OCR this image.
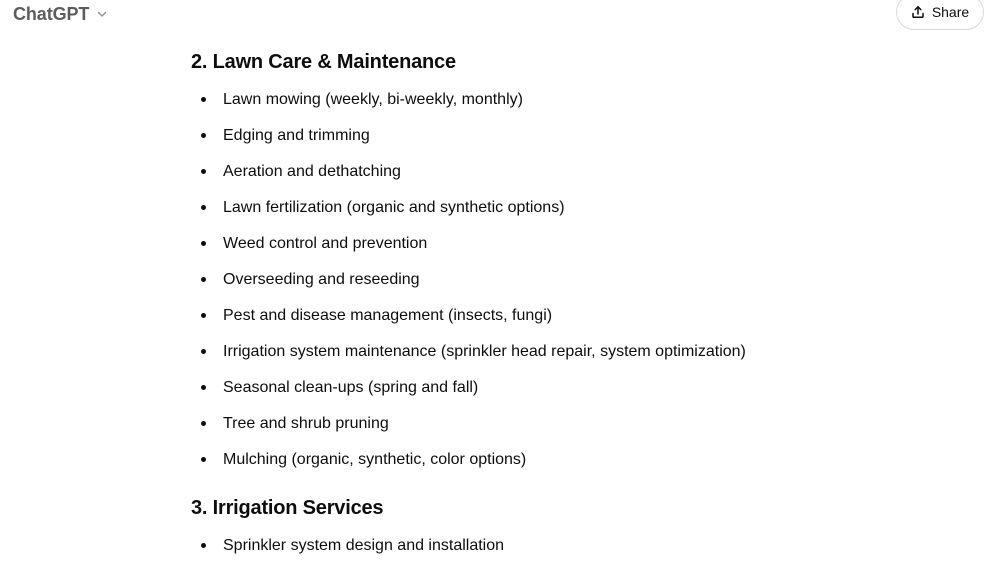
ChatGPT	Share
2. Lawn Care & Maintenance
Lawn mowing (weekly, bi-weekly, monthly)
Edging and trimming
Aeration and dethatching
Lawn fertilization (organic and synthetic options)
Weed control and prevention
Overseeding and reseeding
Pest and disease management (insects, fungi)
Irrigation system maintenance (sprinkler head repair, system optimization)
Seasonal clean-ups (spring and fall)
Tree and shrub pruning
Mulching (organic, synthetic, color options)
3. Irrigation Services
Sprinkler system design and installation
